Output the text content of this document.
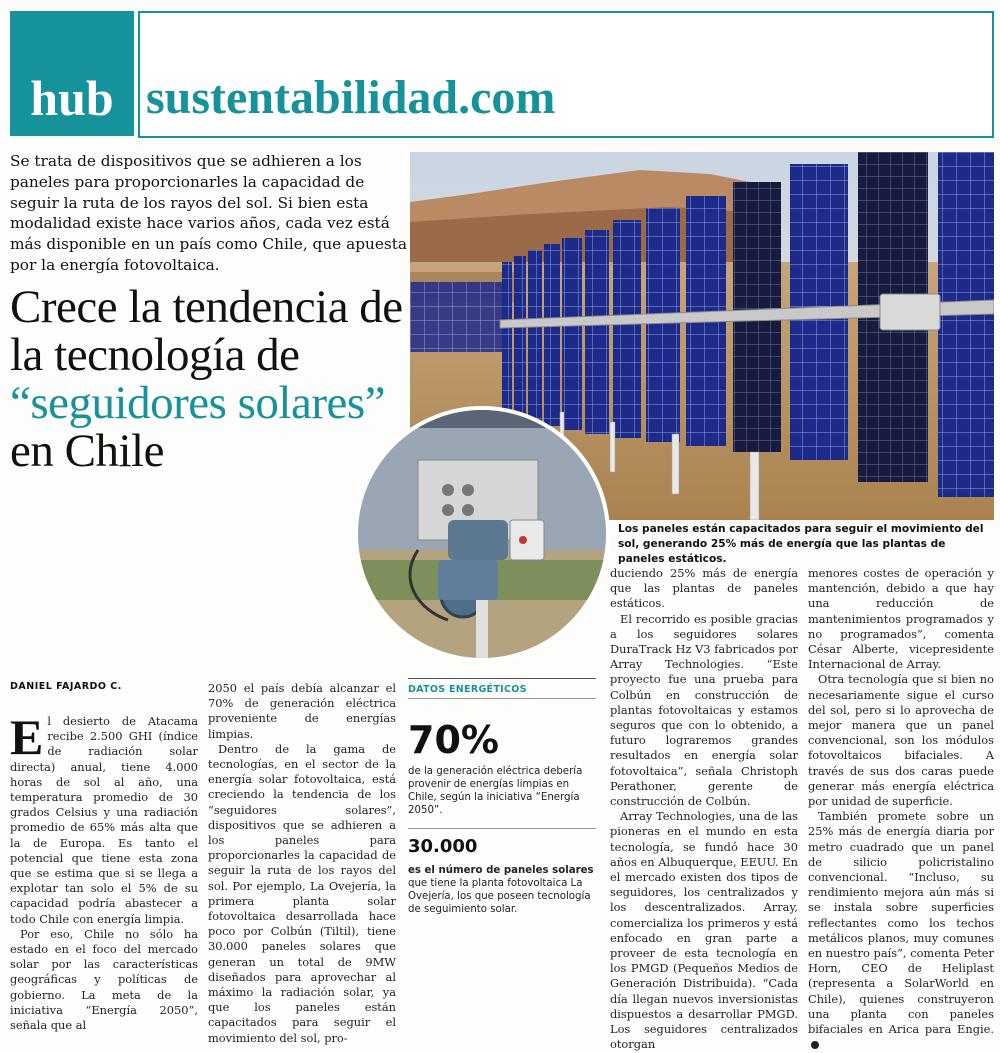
hub sustentabilidad.com
Se trata de dispositivos que se adhieren a los paneles para proporcionarles la capacidad de seguir la ruta de los rayos del sol. Si bien esta modalidad existe hace varios años, cada vez está más disponible en un país como Chile, que apuesta por la energía fotovoltaica.
Crece la tendencia de la tecnología de “seguidores solares” en Chile
Los paneles están capacitados para seguir el movimiento del sol, generando 25% más de energía que las plantas de paneles estáticos.
DANIEL FAJARDO C.

El desierto de Atacama recibe 2.500 GHI (índice de radiación solar directa) anual, tiene 4.000 horas de sol al año, una temperatura promedio de 30 grados Celsius y una radiación promedio de 65% más alta que la de Europa. Es tanto el potencial que tiene esta zona que se estima que si se llega a explotar tan solo el 5% de su capacidad podría abastecer a todo Chile con energía limpia.

Por eso, Chile no sólo ha estado en el foco del mercado solar por las características geográficas y políticas de gobierno. La meta de la iniciativa “Energía 2050”, señala que al

2050 el país debía alcanzar el 70% de generación eléctrica proveniente de energías limpias.

Dentro de la gama de tecnologías, en el sector de la energía solar fotovoltaica, está creciendo la tendencia de los “seguidores solares”, dispositivos que se adhieren a los paneles para proporcionarles la capacidad de seguir la ruta de los rayos del sol. Por ejemplo, La Ovejería, la primera planta solar fotovoltaica desarrollada hace poco por Colbún (Tiltil), tiene 30.000 paneles solares que generan un total de 9MW diseñados para aprovechar al máximo la radiación solar, ya que los paneles están capacitados para seguir el movimiento del sol, pro-

DATOS ENERGÉTICOS
70%
de la generación eléctrica debería provenir de energías limpias en Chile, según la iniciativa “Energía 2050”.
30.000
es el número de paneles solares que tiene la planta fotovoltaica La Ovejería, los que poseen tecnología de seguimiento solar.

duciendo 25% más de energía que las plantas de paneles estáticos.

El recorrido es posible gracias a los seguidores solares DuraTrack Hz V3 fabricados por Array Technologies. “Este proyecto fue una prueba para Colbún en construcción de plantas fotovoltaicas y estamos seguros que con lo obtenido, a futuro lograremos grandes resultados en energía solar fotovoltaica”, señala Christoph Perathoner, gerente de construcción de Colbún.

Array Technologies, una de las pioneras en el mundo en esta tecnología, se fundó hace 30 años en Albuquerque, EEUU. En el mercado existen dos tipos de seguidores, los centralizados y los descentralizados. Array, comercializa los primeros y está enfocado en gran parte a proveer de esta tecnología en los PMGD (Pequeños Medios de Generación Distribuida). “Cada día llegan nuevos inversionistas dispuestos a desarrollar PMGD. Los seguidores centralizados otorgan

menores costes de operación y mantención, debido a que hay una reducción de mantenimientos programados y no programados”, comenta César Alberte, vicepresidente Internacional de Array.

Otra tecnología que si bien no necesariamente sigue el curso del sol, pero si lo aprovecha de mejor manera que un panel convencional, son los módulos fotovoltaicos bifaciales. A través de sus dos caras puede generar más energía eléctrica por unidad de superficie.

También promete sobre un 25% más de energía diaria por metro cuadrado que un panel de silicio policristalino convencional. “Incluso, su rendimiento mejora aún más si se instala sobre superficies reflectantes como los techos metálicos planos, muy comunes en nuestro país”, comenta Peter Horn, CEO de Heliplast (representa a SolarWorld en Chile), quienes construyeron una planta con paneles bifaciales en Arica para Engie.
